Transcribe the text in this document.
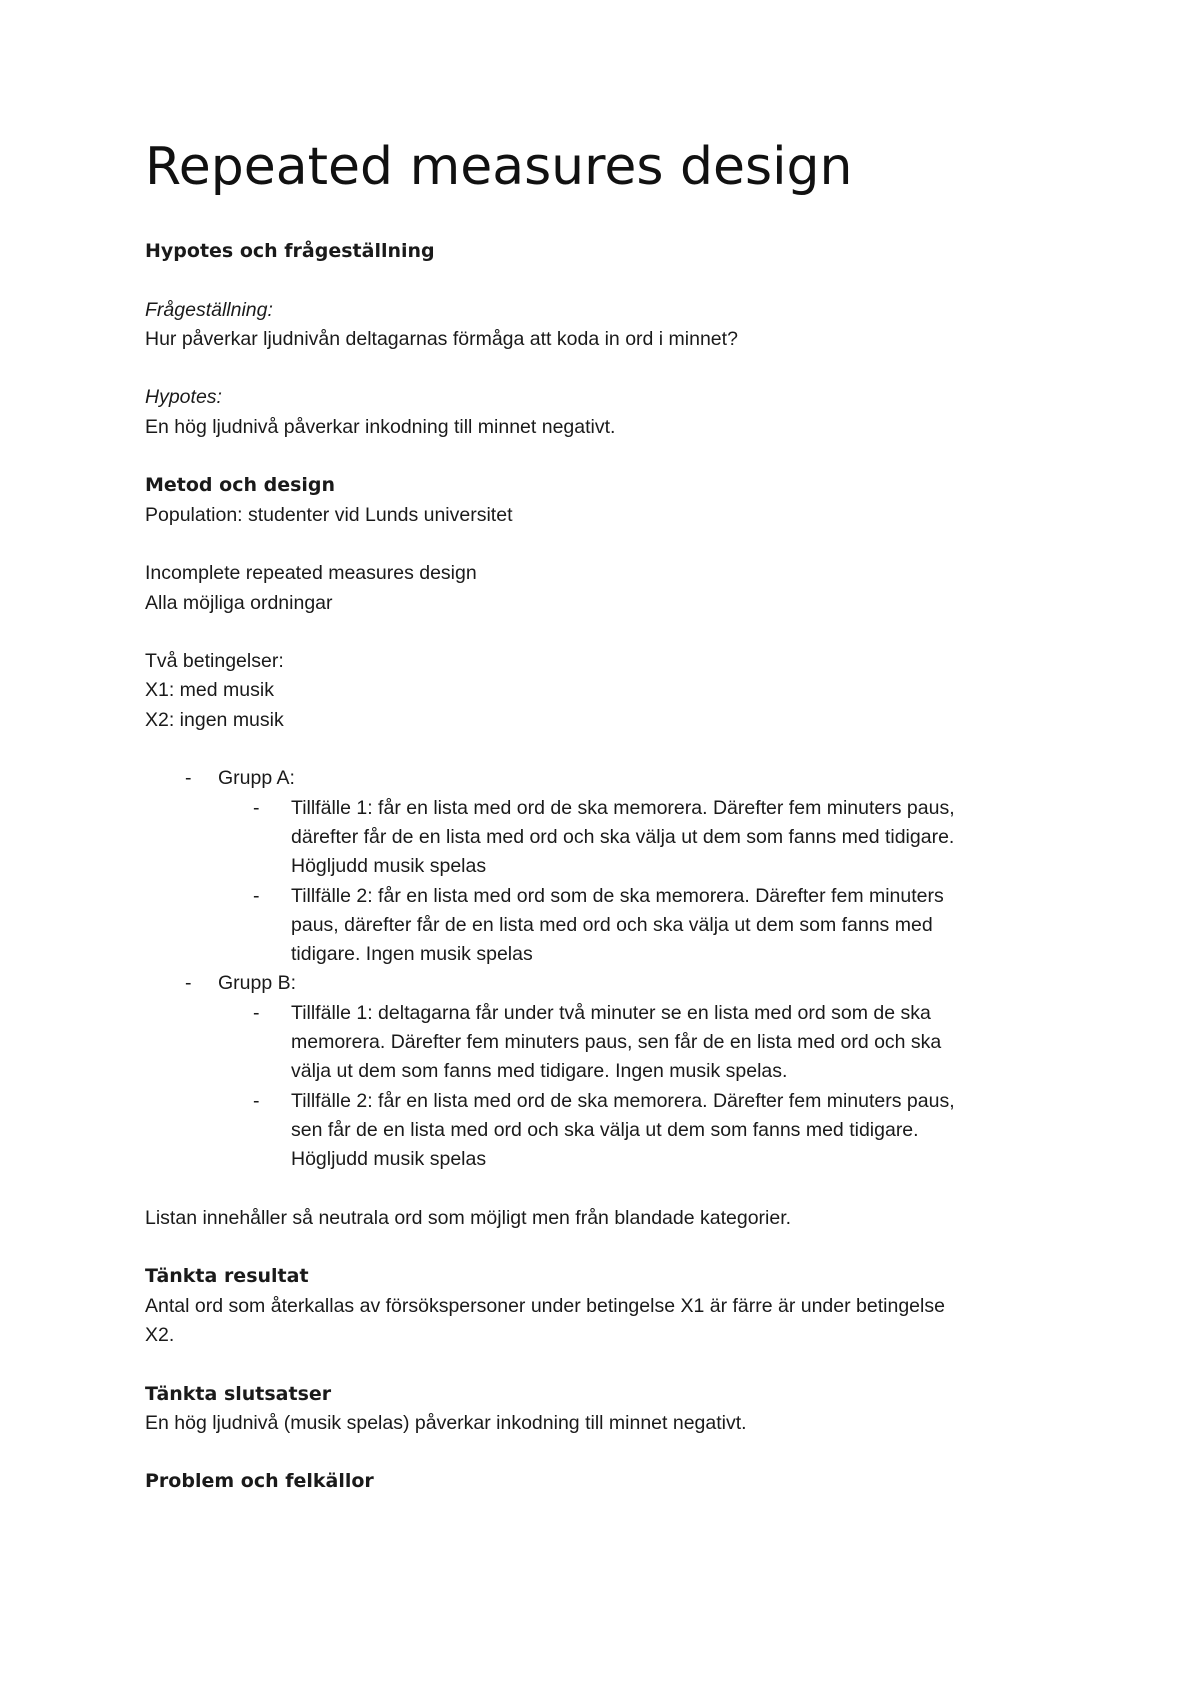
Repeated measures design
Hypotes och frågeställning
Frågeställning:
Hur påverkar ljudnivån deltagarnas förmåga att koda in ord i minnet?
Hypotes:
En hög ljudnivå påverkar inkodning till minnet negativt.
Metod och design
Population: studenter vid Lunds universitet
Incomplete repeated measures design
Alla möjliga ordningar
Två betingelser:
X1: med musik
X2: ingen musik
- Grupp A:
- Tillfälle 1: får en lista med ord de ska memorera. Därefter fem minuters paus,
därefter får de en lista med ord och ska välja ut dem som fanns med tidigare.
Högljudd musik spelas
- Tillfälle 2: får en lista med ord som de ska memorera. Därefter fem minuters
paus, därefter får de en lista med ord och ska välja ut dem som fanns med
tidigare. Ingen musik spelas
- Grupp B:
- Tillfälle 1: deltagarna får under två minuter se en lista med ord som de ska
memorera. Därefter fem minuters paus, sen får de en lista med ord och ska
välja ut dem som fanns med tidigare. Ingen musik spelas.
- Tillfälle 2: får en lista med ord de ska memorera. Därefter fem minuters paus,
sen får de en lista med ord och ska välja ut dem som fanns med tidigare.
Högljudd musik spelas
Listan innehåller så neutrala ord som möjligt men från blandade kategorier.
Tänkta resultat
Antal ord som återkallas av försökspersoner under betingelse X1 är färre är under betingelse
X2.
Tänkta slutsatser
En hög ljudnivå (musik spelas) påverkar inkodning till minnet negativt.
Problem och felkällor
